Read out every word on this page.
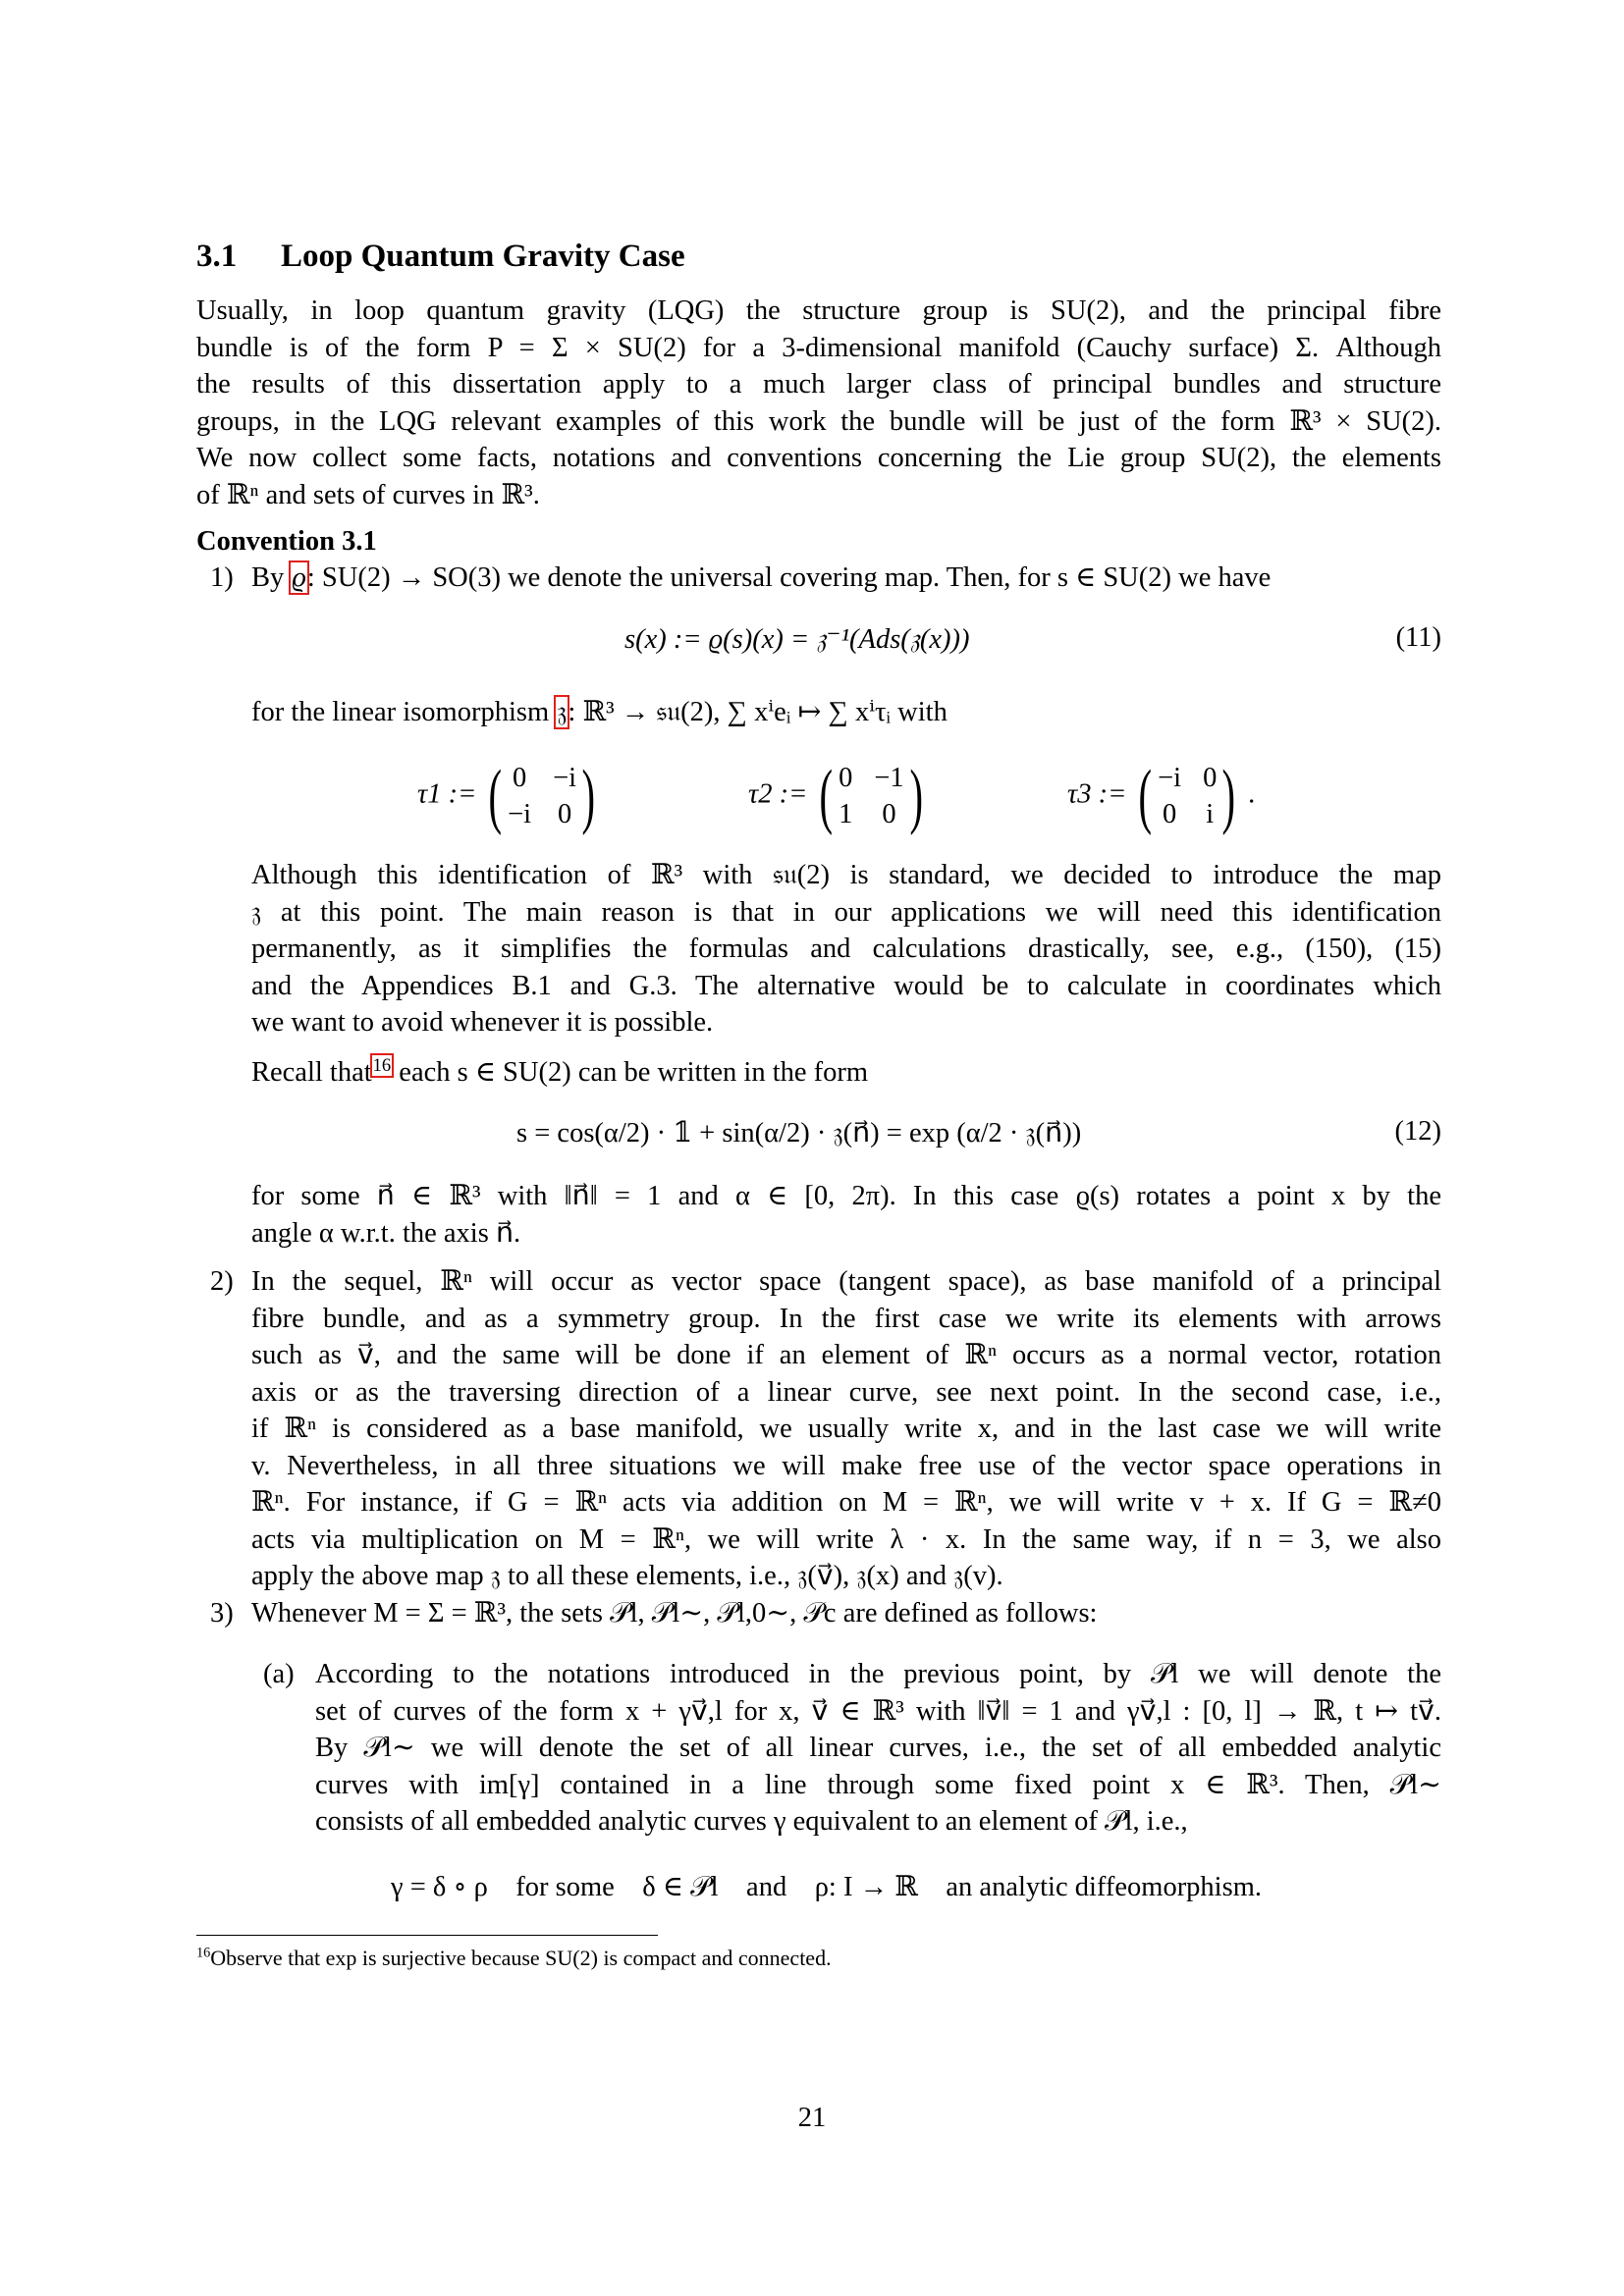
3.1 Loop Quantum Gravity Case
Usually, in loop quantum gravity (LQG) the structure group is SU(2), and the principal fibre
bundle is of the form P = Σ × SU(2) for a 3-dimensional manifold (Cauchy surface) Σ. Although
the results of this dissertation apply to a much larger class of principal bundles and structure
groups, in the LQG relevant examples of this work the bundle will be just of the form ℝ³ × SU(2).
We now collect some facts, notations and conventions concerning the Lie group SU(2), the elements
of ℝⁿ and sets of curves in ℝ³.
Convention 3.1
1) By ϱ: SU(2) → SO(3) we denote the universal covering map. Then, for s ∈ SU(2) we have
s(x) := ϱ(s)(x) = 𝔷⁻¹(Ads(𝔷(x)))	(11)
for the linear isomorphism 𝔷: ℝ³ → 𝔰𝔲(2), ∑ xⁱeᵢ ↦ ∑ xⁱτᵢ with
τ1 := ( 0 −i
−i 0 )	τ2 := ( 0 −1
1 0 )	τ3 := ( −i 0
0 i ) .
Although this identification of ℝ³ with 𝔰𝔲(2) is standard, we decided to introduce the map
𝔷 at this point. The main reason is that in our applications we will need this identification
permanently, as it simplifies the formulas and calculations drastically, see, e.g., (150), (15)
and the Appendices B.1 and G.3. The alternative would be to calculate in coordinates which
we want to avoid whenever it is possible.
Recall that$^{16}$ each s ∈ SU(2) can be written in the form
s = cos(α/2) · 𝟙 + sin(α/2) · 𝔷(n⃗) = exp (α/2 · 𝔷(n⃗))	(12)
for some n⃗ ∈ ℝ³ with ‖n⃗‖ = 1 and α ∈ [0, 2π). In this case ϱ(s) rotates a point x by the
angle α w.r.t. the axis n⃗.
2) In the sequel, ℝⁿ will occur as vector space (tangent space), as base manifold of a principal
fibre bundle, and as a symmetry group. In the first case we write its elements with arrows
such as v⃗, and the same will be done if an element of ℝⁿ occurs as a normal vector, rotation
axis or as the traversing direction of a linear curve, see next point. In the second case, i.e.,
if ℝⁿ is considered as a base manifold, we usually write x, and in the last case we will write
v. Nevertheless, in all three situations we will make free use of the vector space operations in
ℝⁿ. For instance, if G = ℝⁿ acts via addition on M = ℝⁿ, we will write v + x. If G = ℝ≠0
acts via multiplication on M = ℝⁿ, we will write λ · x. In the same way, if n = 3, we also
apply the above map 𝔷 to all these elements, i.e., 𝔷(v⃗), 𝔷(x) and 𝔷(v).
3) Whenever M = Σ = ℝ³, the sets 𝒫l, 𝒫l∼, 𝒫l,0∼, 𝒫c are defined as follows:
(a) According to the notations introduced in the previous point, by 𝒫l we will denote the
set of curves of the form x + γv⃗,l for x, v⃗ ∈ ℝ³ with ‖v⃗‖ = 1 and γv⃗,l : [0, l] → ℝ, t ↦ tv⃗.
By 𝒫l∼ we will denote the set of all linear curves, i.e., the set of all embedded analytic
curves with im[γ] contained in a line through some fixed point x ∈ ℝ³. Then, 𝒫l∼
consists of all embedded analytic curves γ equivalent to an element of 𝒫l, i.e.,
γ = δ ∘ ρ    for some    δ ∈ 𝒫l    and    ρ: I → ℝ    an analytic diffeomorphism.
$^{16}$Observe that exp is surjective because SU(2) is compact and connected.
21
